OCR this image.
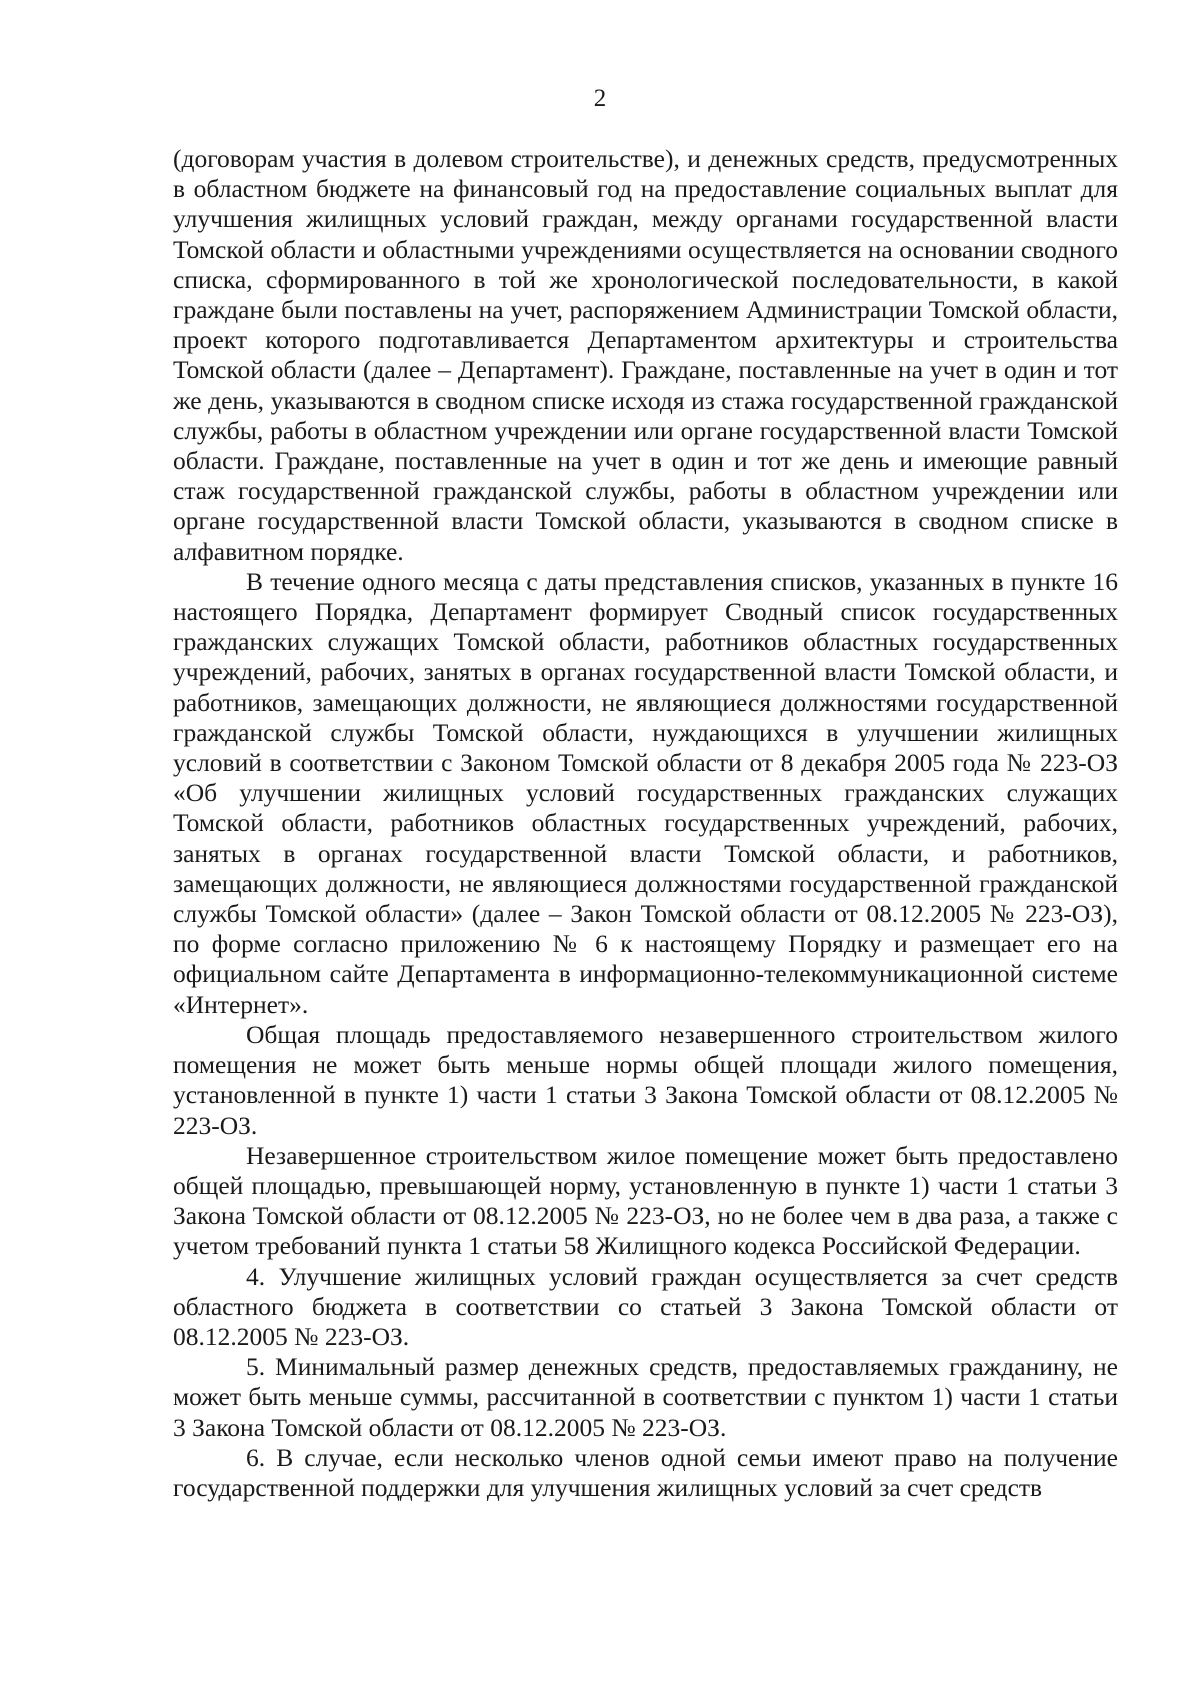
2

(договорам участия в долевом строительстве), и денежных средств, предусмотренных в областном бюджете на финансовый год на предоставление социальных выплат для улучшения жилищных условий граждан, между органами государственной власти Томской области и областными учреждениями осуществляется на основании сводного списка, сформированного в той же хронологической последовательности, в какой граждане были поставлены на учет, распоряжением Администрации Томской области, проект которого подготавливается Департаментом архитектуры и строительства Томской области (далее – Департамент). Граждане, поставленные на учет в один и тот же день, указываются в сводном списке исходя из стажа государственной гражданской службы, работы в областном учреждении или органе государственной власти Томской области. Граждане, поставленные на учет в один и тот же день и имеющие равный стаж государственной гражданской службы, работы в областном учреждении или органе государственной власти Томской области, указываются в сводном списке в алфавитном порядке.

В течение одного месяца с даты представления списков, указанных в пункте 16 настоящего Порядка, Департамент формирует Сводный список государственных гражданских служащих Томской области, работников областных государственных учреждений, рабочих, занятых в органах государственной власти Томской области, и работников, замещающих должности, не являющиеся должностями государственной гражданской службы Томской области, нуждающихся в улучшении жилищных условий в соответствии с Законом Томской области от 8 декабря 2005 года № 223-ОЗ «Об улучшении жилищных условий государственных гражданских служащих Томской области, работников областных государственных учреждений, рабочих, занятых в органах государственной власти Томской области, и работников, замещающих должности, не являющиеся должностями государственной гражданской службы Томской области» (далее – Закон Томской области от 08.12.2005 № 223-ОЗ), по форме согласно приложению № 6 к настоящему Порядку и размещает его на официальном сайте Департамента в информационно-телекоммуникационной системе «Интернет».

Общая площадь предоставляемого незавершенного строительством жилого помещения не может быть меньше нормы общей площади жилого помещения, установленной в пункте 1) части 1 статьи 3 Закона Томской области от 08.12.2005 № 223-ОЗ.

Незавершенное строительством жилое помещение может быть предоставлено общей площадью, превышающей норму, установленную в пункте 1) части 1 статьи 3 Закона Томской области от 08.12.2005 № 223-ОЗ, но не более чем в два раза, а также с учетом требований пункта 1 статьи 58 Жилищного кодекса Российской Федерации.

4. Улучшение жилищных условий граждан осуществляется за счет средств областного бюджета в соответствии со статьей 3 Закона Томской области от 08.12.2005 № 223-ОЗ.

5. Минимальный размер денежных средств, предоставляемых гражданину, не может быть меньше суммы, рассчитанной в соответствии с пунктом 1) части 1 статьи 3 Закона Томской области от 08.12.2005 № 223-ОЗ.

6. В случае, если несколько членов одной семьи имеют право на получение государственной поддержки для улучшения жилищных условий за счет средств
